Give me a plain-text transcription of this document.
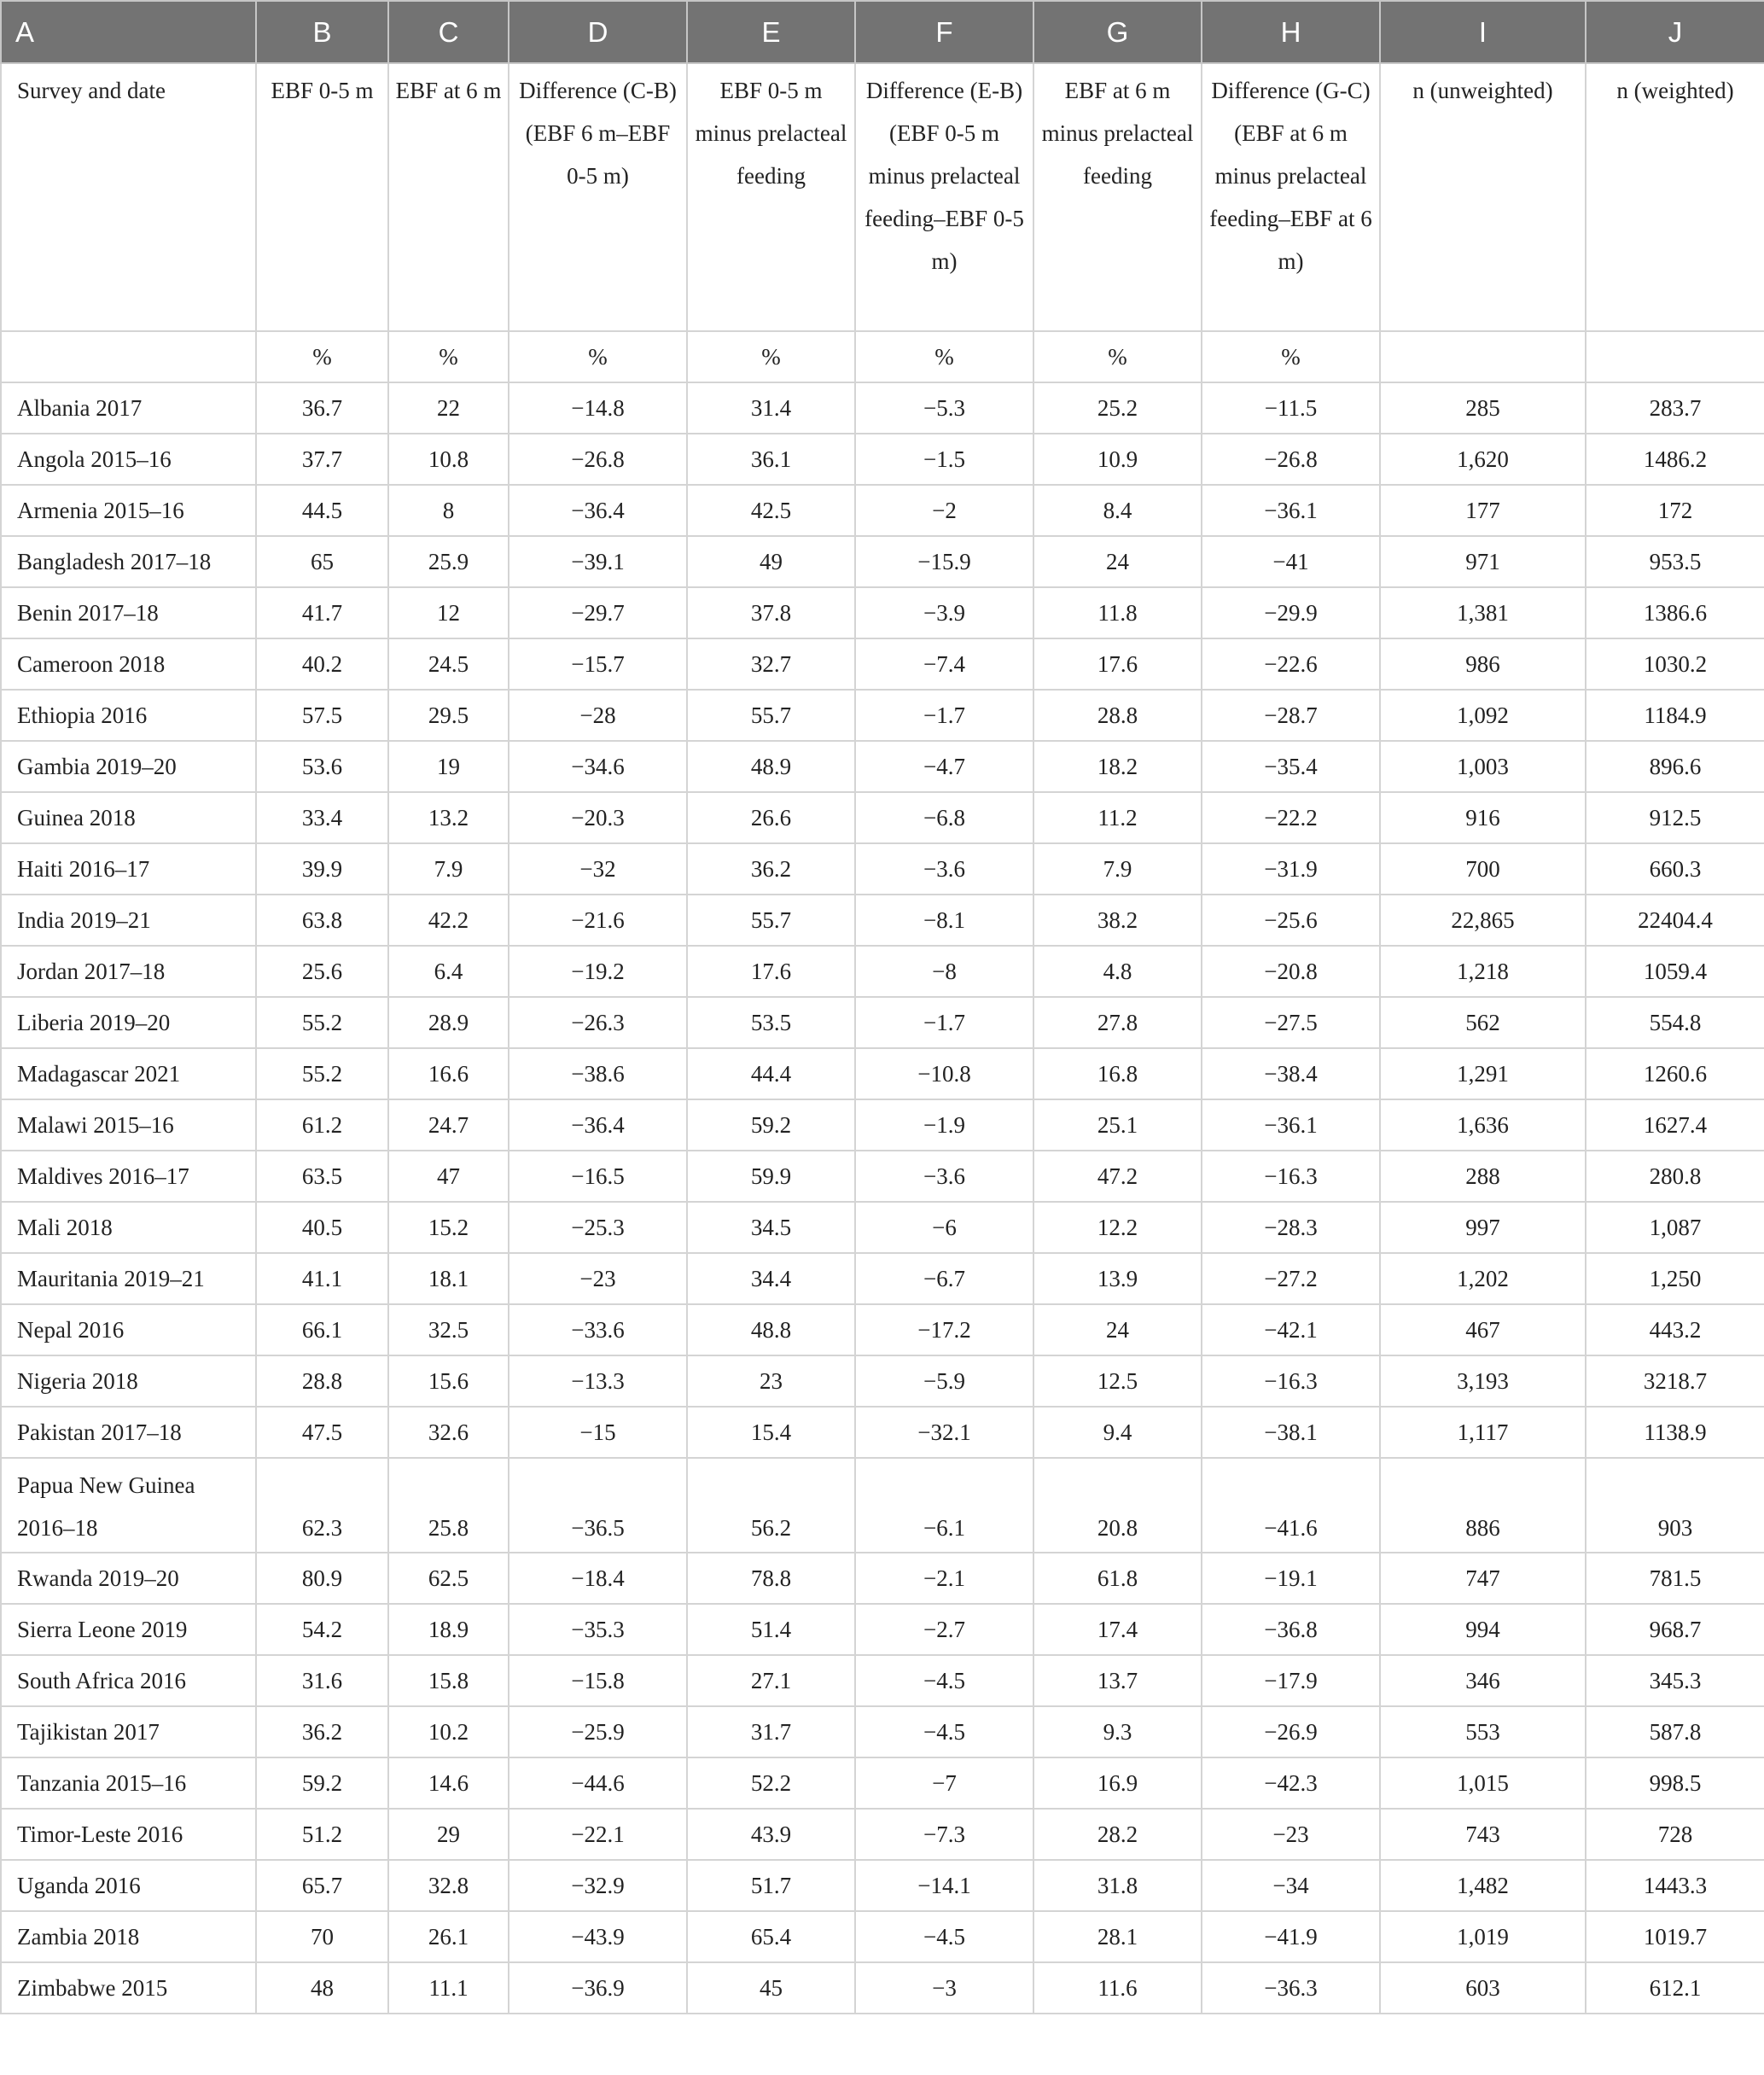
A	B	C	D	E	F	G	H	I	J
Survey and date	EBF 0-5 m	EBF at 6 m	Difference (C-B) (EBF 6 m–EBF 0-5 m)	EBF 0-5 m minus prelacteal feeding	Difference (E-B) (EBF 0-5 m minus prelacteal feeding–EBF 0-5 m)	EBF at 6 m minus prelacteal feeding	Difference (G-C) (EBF at 6 m minus prelacteal feeding–EBF at 6 m)	n (unweighted)	n (weighted)
	%	%	%	%	%	%	%		
Albania 2017	36.7	22	−14.8	31.4	−5.3	25.2	−11.5	285	283.7
Angola 2015–16	37.7	10.8	−26.8	36.1	−1.5	10.9	−26.8	1,620	1486.2
Armenia 2015–16	44.5	8	−36.4	42.5	−2	8.4	−36.1	177	172
Bangladesh 2017–18	65	25.9	−39.1	49	−15.9	24	−41	971	953.5
Benin 2017–18	41.7	12	−29.7	37.8	−3.9	11.8	−29.9	1,381	1386.6
Cameroon 2018	40.2	24.5	−15.7	32.7	−7.4	17.6	−22.6	986	1030.2
Ethiopia 2016	57.5	29.5	−28	55.7	−1.7	28.8	−28.7	1,092	1184.9
Gambia 2019–20	53.6	19	−34.6	48.9	−4.7	18.2	−35.4	1,003	896.6
Guinea 2018	33.4	13.2	−20.3	26.6	−6.8	11.2	−22.2	916	912.5
Haiti 2016–17	39.9	7.9	−32	36.2	−3.6	7.9	−31.9	700	660.3
India 2019–21	63.8	42.2	−21.6	55.7	−8.1	38.2	−25.6	22,865	22404.4
Jordan 2017–18	25.6	6.4	−19.2	17.6	−8	4.8	−20.8	1,218	1059.4
Liberia 2019–20	55.2	28.9	−26.3	53.5	−1.7	27.8	−27.5	562	554.8
Madagascar 2021	55.2	16.6	−38.6	44.4	−10.8	16.8	−38.4	1,291	1260.6
Malawi 2015–16	61.2	24.7	−36.4	59.2	−1.9	25.1	−36.1	1,636	1627.4
Maldives 2016–17	63.5	47	−16.5	59.9	−3.6	47.2	−16.3	288	280.8
Mali 2018	40.5	15.2	−25.3	34.5	−6	12.2	−28.3	997	1,087
Mauritania 2019–21	41.1	18.1	−23	34.4	−6.7	13.9	−27.2	1,202	1,250
Nepal 2016	66.1	32.5	−33.6	48.8	−17.2	24	−42.1	467	443.2
Nigeria 2018	28.8	15.6	−13.3	23	−5.9	12.5	−16.3	3,193	3218.7
Pakistan 2017–18	47.5	32.6	−15	15.4	−32.1	9.4	−38.1	1,117	1138.9
Papua New Guinea 2016–18	62.3	25.8	−36.5	56.2	−6.1	20.8	−41.6	886	903
Rwanda 2019–20	80.9	62.5	−18.4	78.8	−2.1	61.8	−19.1	747	781.5
Sierra Leone 2019	54.2	18.9	−35.3	51.4	−2.7	17.4	−36.8	994	968.7
South Africa 2016	31.6	15.8	−15.8	27.1	−4.5	13.7	−17.9	346	345.3
Tajikistan 2017	36.2	10.2	−25.9	31.7	−4.5	9.3	−26.9	553	587.8
Tanzania 2015–16	59.2	14.6	−44.6	52.2	−7	16.9	−42.3	1,015	998.5
Timor-Leste 2016	51.2	29	−22.1	43.9	−7.3	28.2	−23	743	728
Uganda 2016	65.7	32.8	−32.9	51.7	−14.1	31.8	−34	1,482	1443.3
Zambia 2018	70	26.1	−43.9	65.4	−4.5	28.1	−41.9	1,019	1019.7
Zimbabwe 2015	48	11.1	−36.9	45	−3	11.6	−36.3	603	612.1
